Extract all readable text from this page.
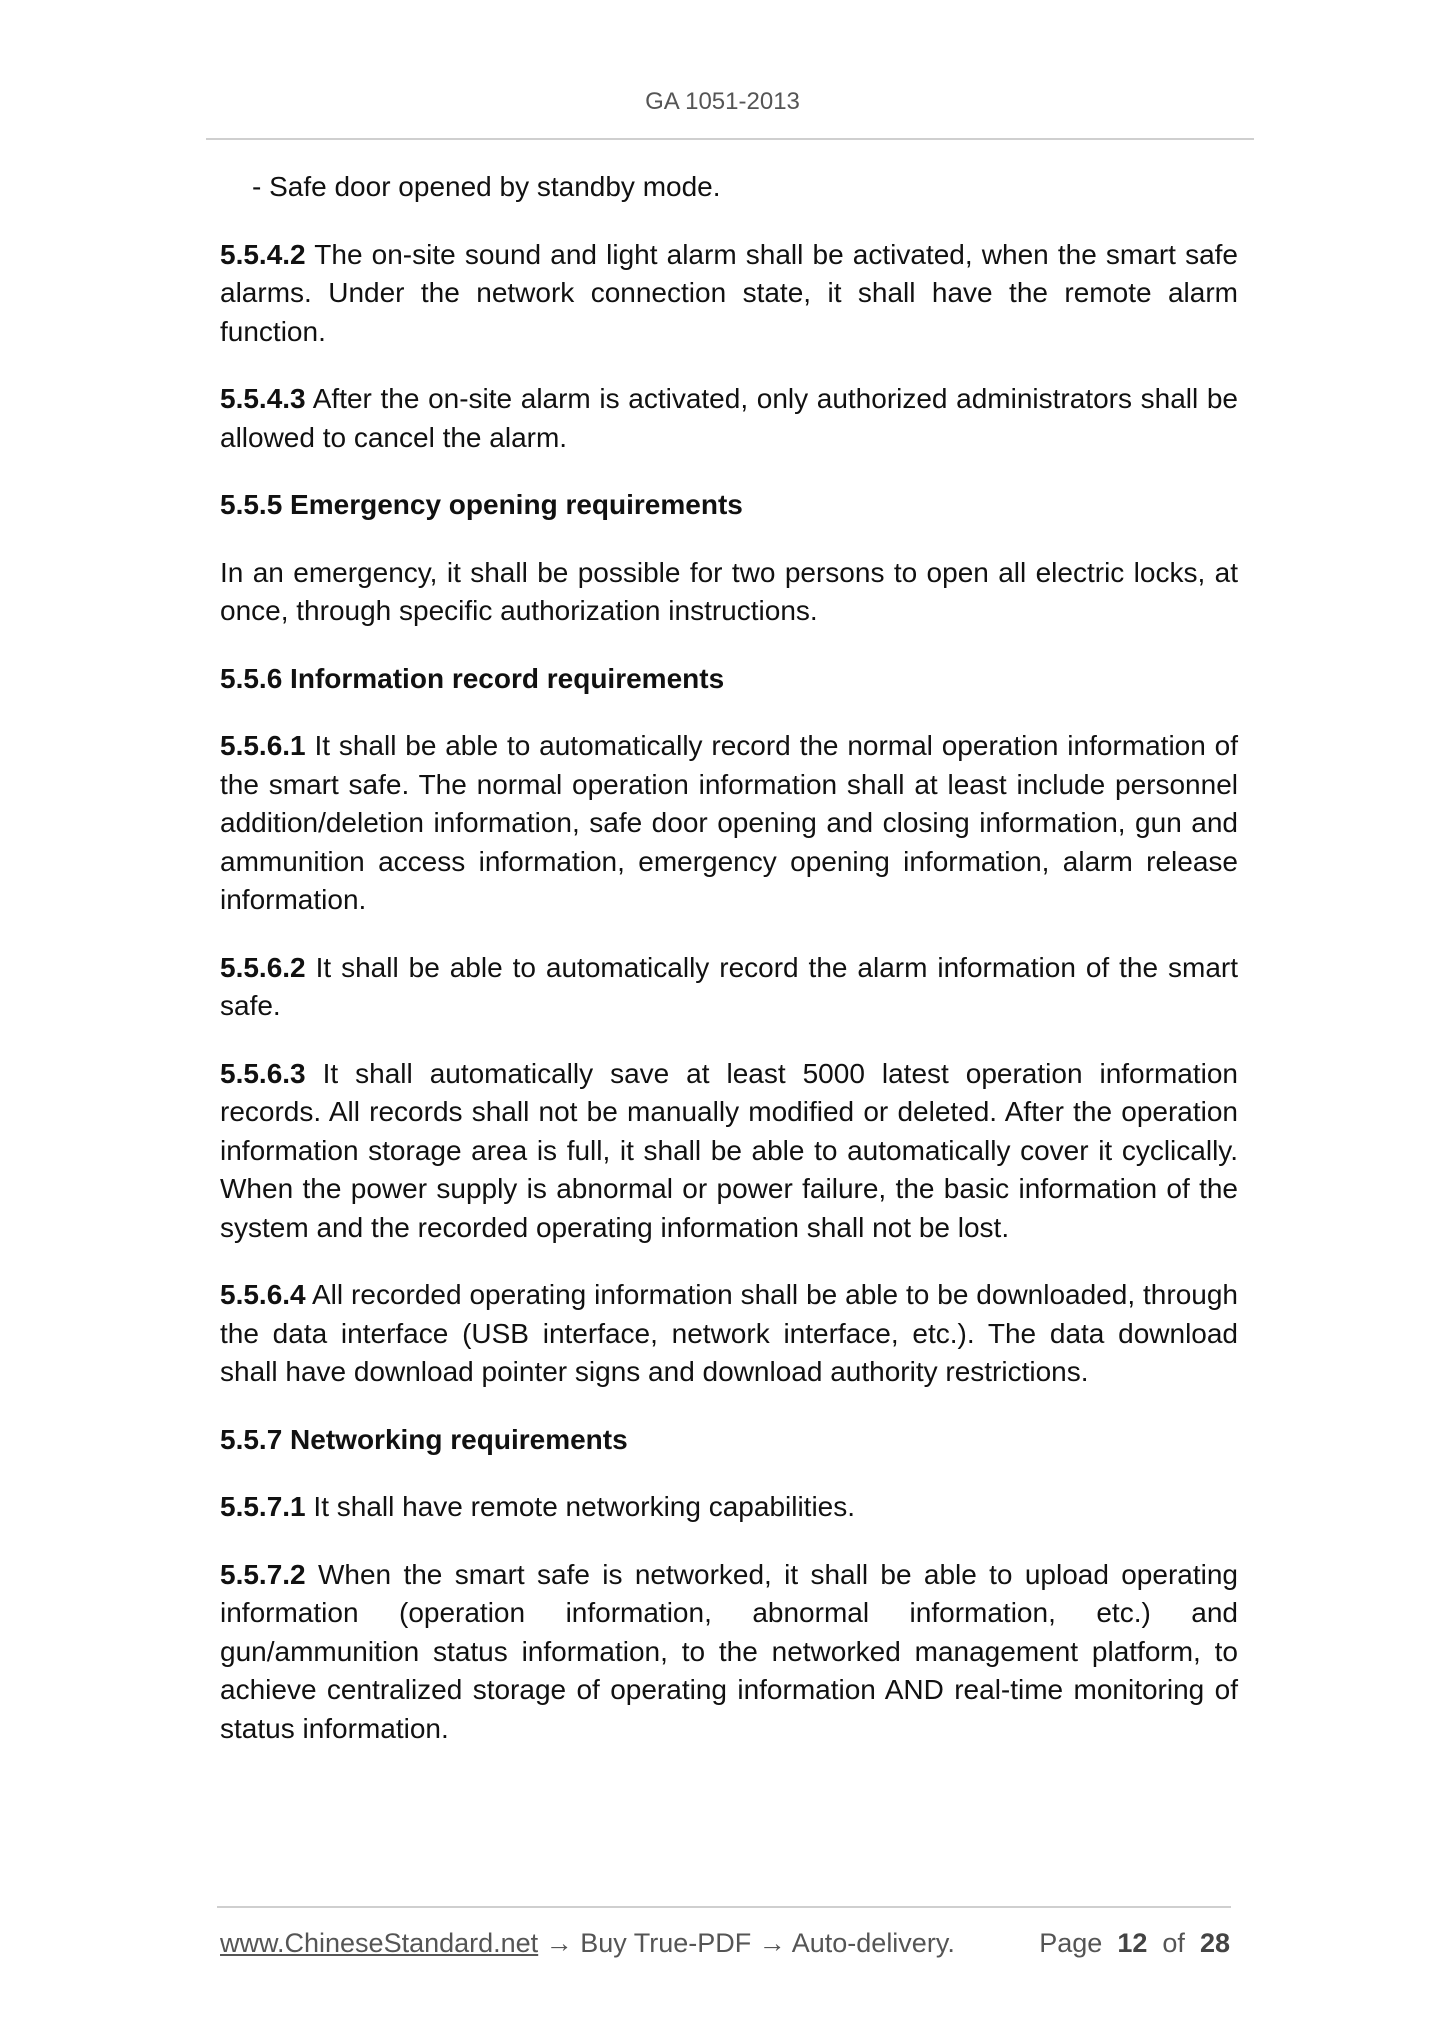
GA 1051-2013

- Safe door opened by standby mode.

5.5.4.2 The on-site sound and light alarm shall be activated, when the smart safe alarms. Under the network connection state, it shall have the remote alarm function.

5.5.4.3 After the on-site alarm is activated, only authorized administrators shall be allowed to cancel the alarm.

5.5.5 Emergency opening requirements

In an emergency, it shall be possible for two persons to open all electric locks, at once, through specific authorization instructions.

5.5.6 Information record requirements

5.5.6.1 It shall be able to automatically record the normal operation information of the smart safe. The normal operation information shall at least include personnel addition/deletion information, safe door opening and closing information, gun and ammunition access information, emergency opening information, alarm release information.

5.5.6.2 It shall be able to automatically record the alarm information of the smart safe.

5.5.6.3 It shall automatically save at least 5000 latest operation information records. All records shall not be manually modified or deleted. After the operation information storage area is full, it shall be able to automatically cover it cyclically. When the power supply is abnormal or power failure, the basic information of the system and the recorded operating information shall not be lost.

5.5.6.4 All recorded operating information shall be able to be downloaded, through the data interface (USB interface, network interface, etc.). The data download shall have download pointer signs and download authority restrictions.

5.5.7 Networking requirements

5.5.7.1 It shall have remote networking capabilities.

5.5.7.2 When the smart safe is networked, it shall be able to upload operating information (operation information, abnormal information, etc.) and gun/ammunition status information, to the networked management platform, to achieve centralized storage of operating information AND real-time monitoring of status information.

www.ChineseStandard.net → Buy True-PDF → Auto-delivery.	Page 12 of 28
